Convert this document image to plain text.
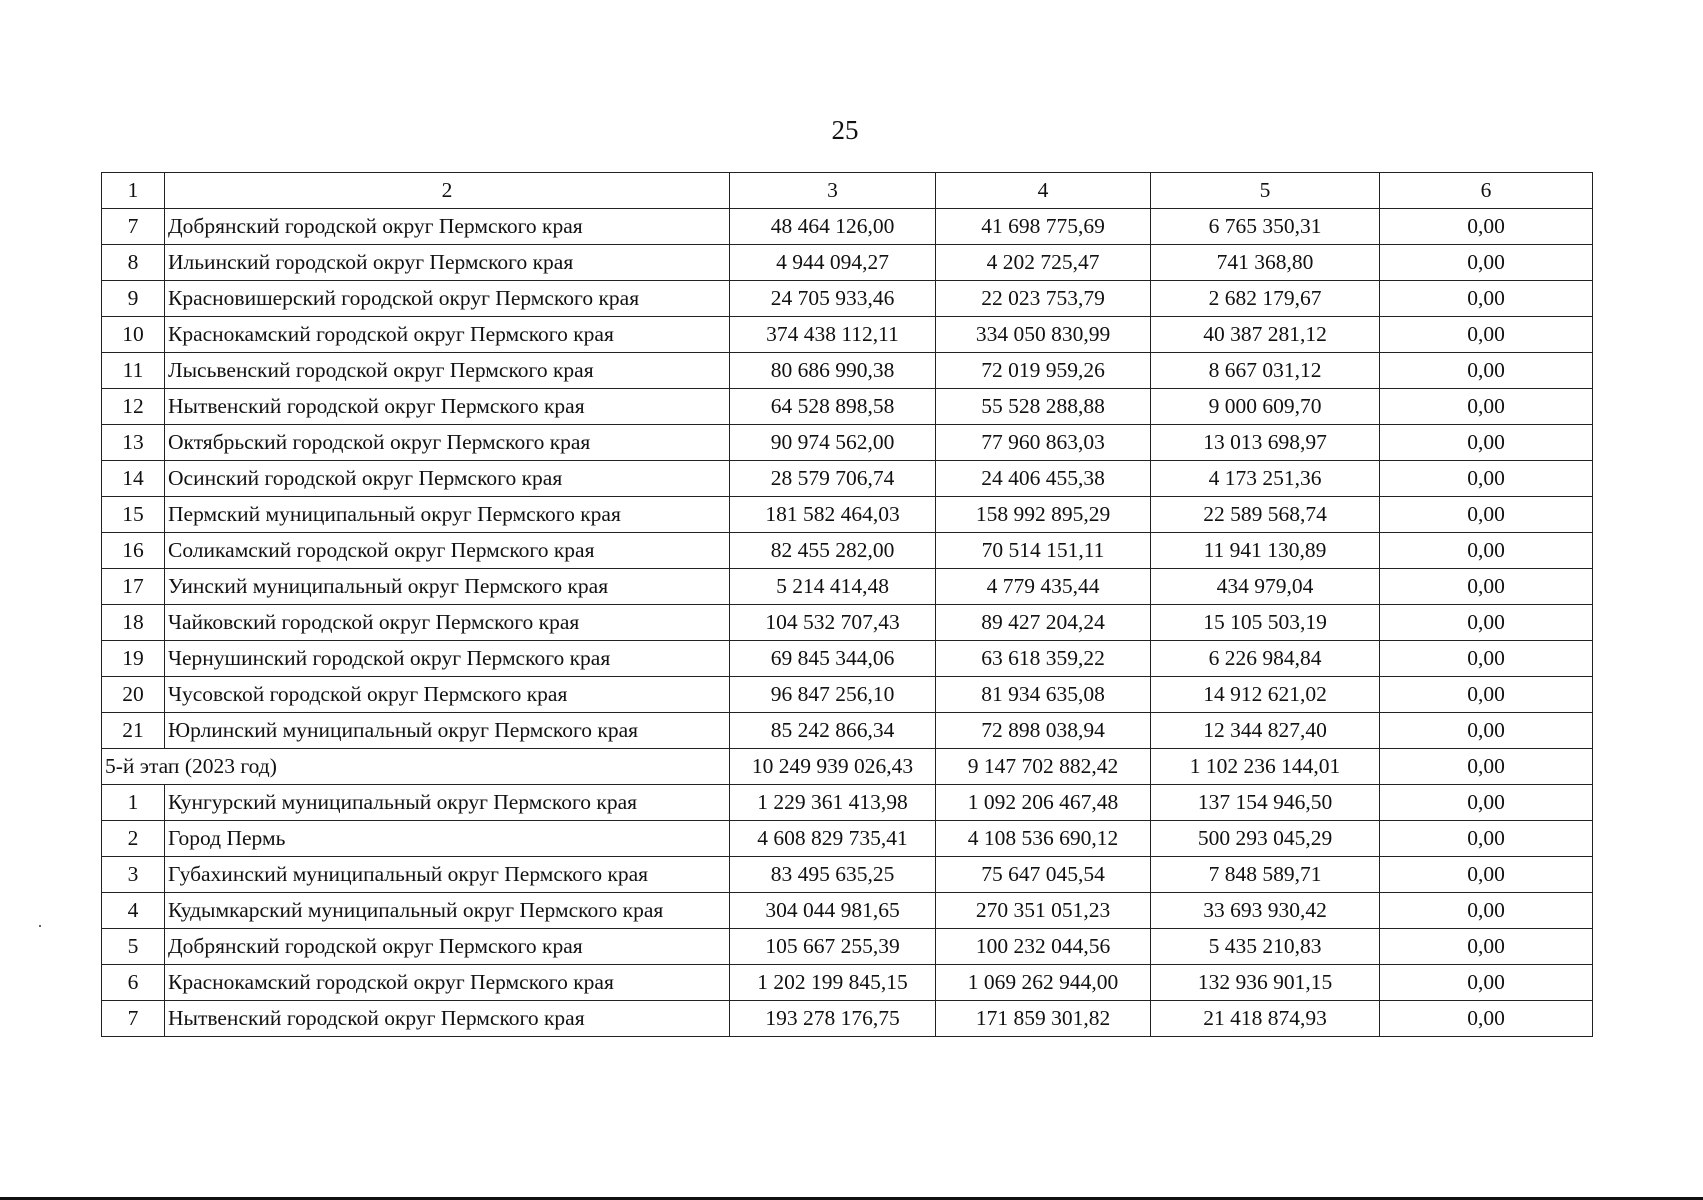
25
1	2	3	4	5	6
7	Добрянский городской округ Пермского края	48 464 126,00	41 698 775,69	6 765 350,31	0,00
8	Ильинский городской округ Пермского края	4 944 094,27	4 202 725,47	741 368,80	0,00
9	Красновишерский городской округ Пермского края	24 705 933,46	22 023 753,79	2 682 179,67	0,00
10	Краснокамский городской округ Пермского края	374 438 112,11	334 050 830,99	40 387 281,12	0,00
11	Лысьвенский городской округ Пермского края	80 686 990,38	72 019 959,26	8 667 031,12	0,00
12	Нытвенский городской округ Пермского края	64 528 898,58	55 528 288,88	9 000 609,70	0,00
13	Октябрьский городской округ Пермского края	90 974 562,00	77 960 863,03	13 013 698,97	0,00
14	Осинский городской округ Пермского края	28 579 706,74	24 406 455,38	4 173 251,36	0,00
15	Пермский муниципальный округ Пермского края	181 582 464,03	158 992 895,29	22 589 568,74	0,00
16	Соликамский городской округ Пермского края	82 455 282,00	70 514 151,11	11 941 130,89	0,00
17	Уинский муниципальный округ Пермского края	5 214 414,48	4 779 435,44	434 979,04	0,00
18	Чайковский городской округ Пермского края	104 532 707,43	89 427 204,24	15 105 503,19	0,00
19	Чернушинский городской округ Пермского края	69 845 344,06	63 618 359,22	6 226 984,84	0,00
20	Чусовской городской округ Пермского края	96 847 256,10	81 934 635,08	14 912 621,02	0,00
21	Юрлинский муниципальный округ Пермского края	85 242 866,34	72 898 038,94	12 344 827,40	0,00
5-й этап (2023 год)		10 249 939 026,43	9 147 702 882,42	1 102 236 144,01	0,00
1	Кунгурский муниципальный округ Пермского края	1 229 361 413,98	1 092 206 467,48	137 154 946,50	0,00
2	Город Пермь	4 608 829 735,41	4 108 536 690,12	500 293 045,29	0,00
3	Губахинский муниципальный округ Пермского края	83 495 635,25	75 647 045,54	7 848 589,71	0,00
4	Кудымкарский муниципальный округ Пермского края	304 044 981,65	270 351 051,23	33 693 930,42	0,00
5	Добрянский городской округ Пермского края	105 667 255,39	100 232 044,56	5 435 210,83	0,00
6	Краснокамский городской округ Пермского края	1 202 199 845,15	1 069 262 944,00	132 936 901,15	0,00
7	Нытвенский городской округ Пермского края	193 278 176,75	171 859 301,82	21 418 874,93	0,00
